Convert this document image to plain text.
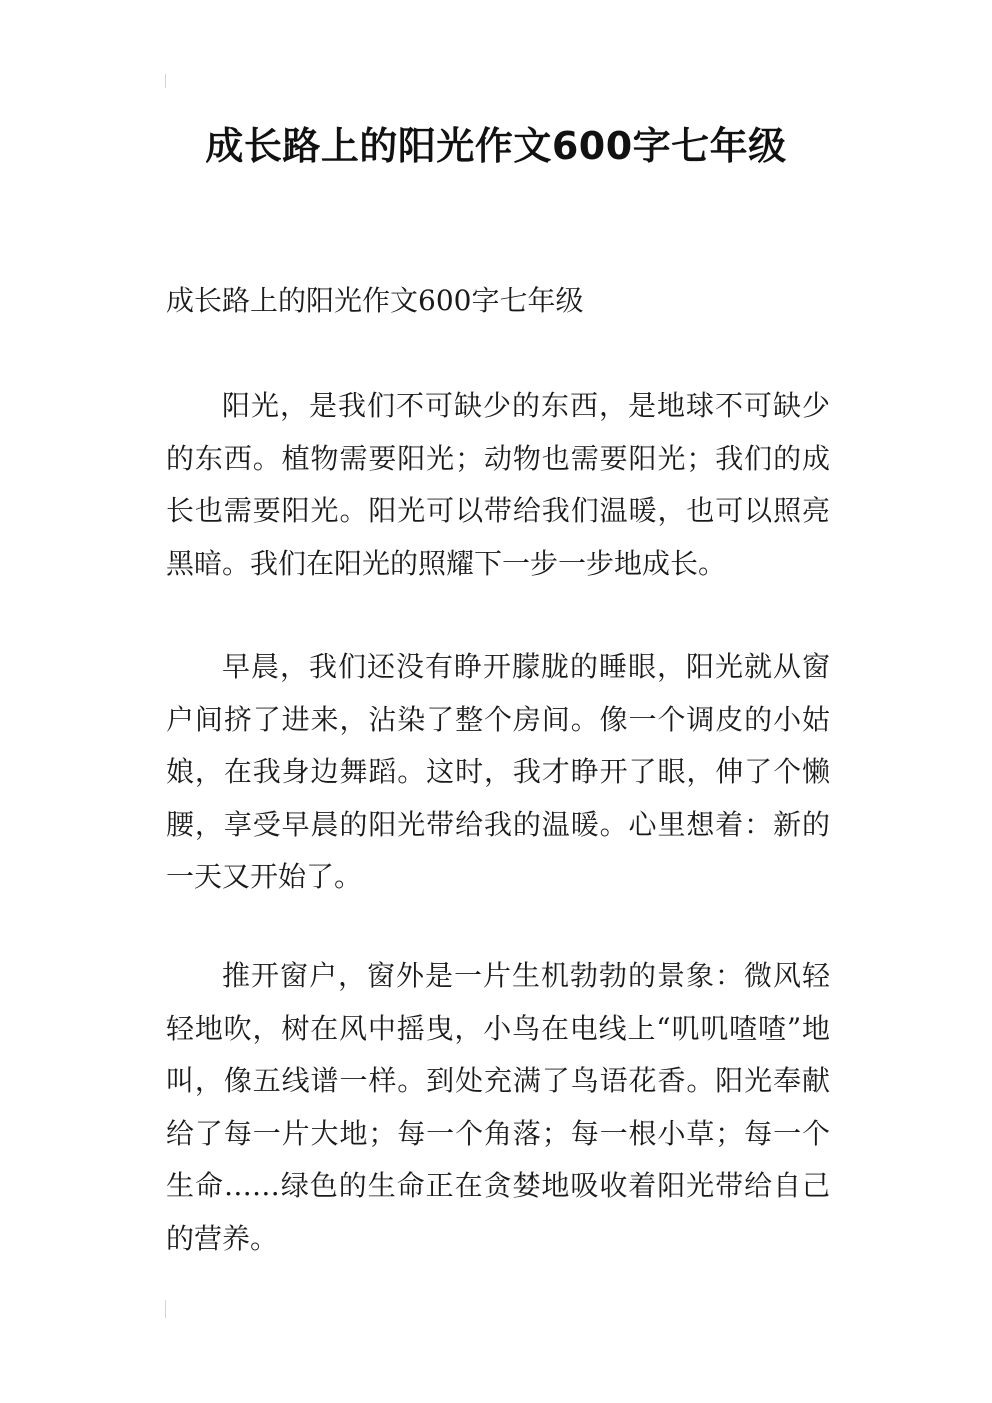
成长路上的阳光作文600字七年级
成长路上的阳光作文600字七年级

阳光，是我们不可缺少的东西，是地球不可缺少的东西。植物需要阳光；动物也需要阳光；我们的成长也需要阳光。阳光可以带给我们温暖，也可以照亮黑暗。我们在阳光的照耀下一步一步地成长。

早晨，我们还没有睁开朦胧的睡眼，阳光就从窗户间挤了进来，沾染了整个房间。像一个调皮的小姑娘，在我身边舞蹈。这时，我才睁开了眼，伸了个懒腰，享受早晨的阳光带给我的温暖。心里想着：新的一天又开始了。

推开窗户，窗外是一片生机勃勃的景象：微风轻轻地吹，树在风中摇曳，小鸟在电线上“叽叽喳喳”地叫，像五线谱一样。到处充满了鸟语花香。阳光奉献给了每一片大地；每一个角落；每一根小草；每一个生命……绿色的生命正在贪婪地吸收着阳光带给自己的营养。
